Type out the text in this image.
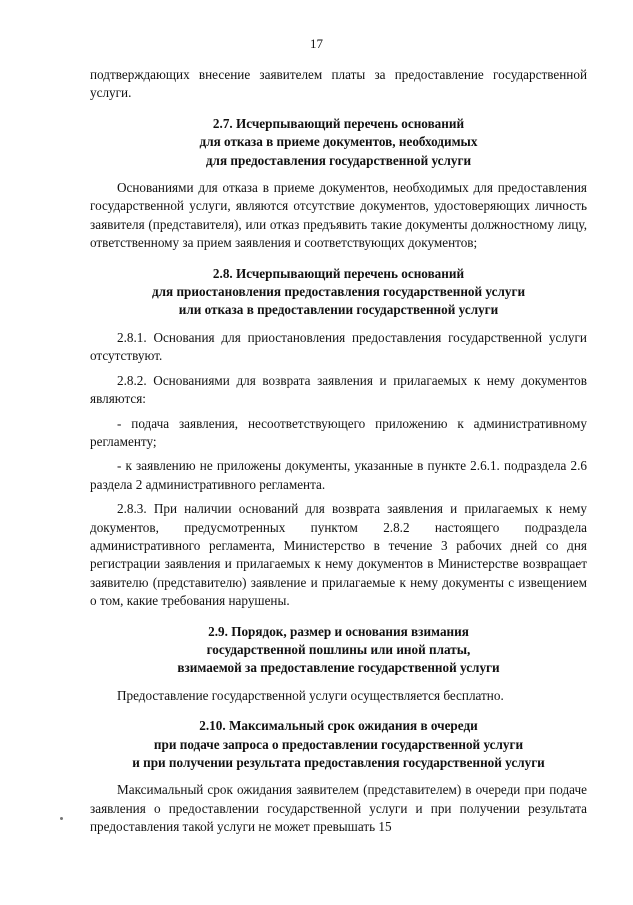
17

подтверждающих внесение заявителем платы за предоставление государственной услуги.

2.7. Исчерпывающий перечень оснований
для отказа в приеме документов, необходимых
для предоставления государственной услуги

Основаниями для отказа в приеме документов, необходимых для предоставления государственной услуги, являются отсутствие документов, удостоверяющих личность заявителя (представителя), или отказ предъявить такие документы должностному лицу, ответственному за прием заявления и соответствующих документов;

2.8. Исчерпывающий перечень оснований
для приостановления предоставления государственной услуги
или отказа в предоставлении государственной услуги

2.8.1. Основания для приостановления предоставления государственной услуги отсутствуют.

2.8.2. Основаниями для возврата заявления и прилагаемых к нему документов являются:

- подача заявления, несоответствующего приложению к административному регламенту;

- к заявлению не приложены документы, указанные в пункте 2.6.1. подраздела 2.6 раздела 2 административного регламента.

2.8.3. При наличии оснований для возврата заявления и прилагаемых к нему документов, предусмотренных пунктом 2.8.2 настоящего подраздела административного регламента, Министерство в течение 3 рабочих дней со дня регистрации заявления и прилагаемых к нему документов в Министерстве возвращает заявителю (представителю) заявление и прилагаемые к нему документы с извещением о том, какие требования нарушены.

2.9. Порядок, размер и основания взимания
государственной пошлины или иной платы,
взимаемой за предоставление государственной услуги

Предоставление государственной услуги осуществляется бесплатно.

2.10. Максимальный срок ожидания в очереди
при подаче запроса о предоставлении государственной услуги
и при получении результата предоставления государственной услуги

Максимальный срок ожидания заявителем (представителем) в очереди при подаче заявления о предоставлении государственной услуги и при получении результата предоставления такой услуги не может превышать 15
